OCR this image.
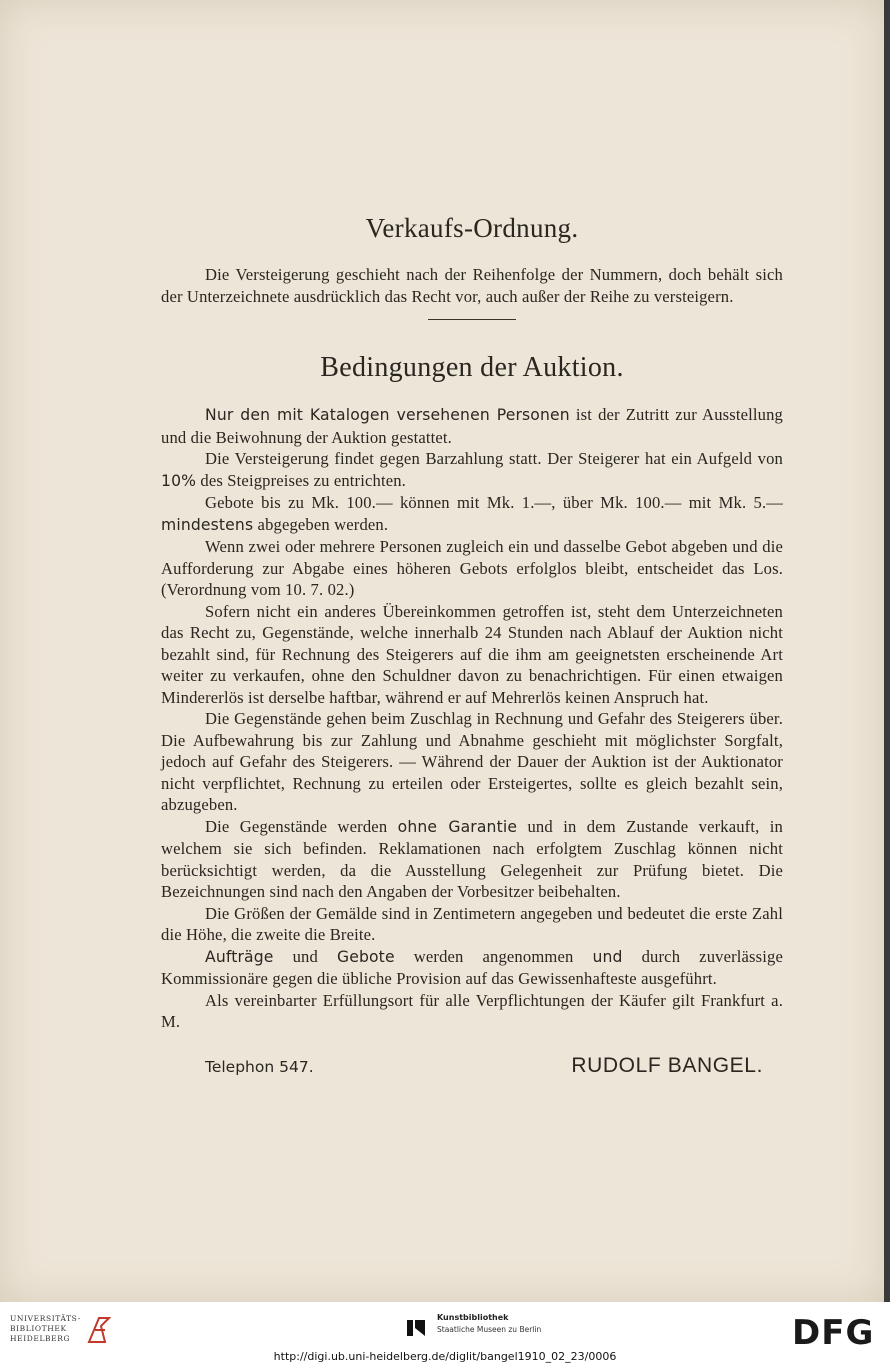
Verkaufs-Ordnung.

Die Versteigerung geschieht nach der Reihenfolge der Nummern, doch behält sich der Unterzeichnete ausdrücklich das Recht vor, auch außer der Reihe zu versteigern.

Bedingungen der Auktion.

Nur den mit Katalogen versehenen Personen ist der Zutritt zur Ausstellung und die Beiwohnung der Auktion gestattet.

Die Versteigerung findet gegen Barzahlung statt. Der Steigerer hat ein Aufgeld von 10% des Steigpreises zu entrichten.

Gebote bis zu Mk. 100.— können mit Mk. 1.—, über Mk. 100.— mit Mk. 5.— mindestens abgegeben werden.

Wenn zwei oder mehrere Personen zugleich ein und dasselbe Gebot abgeben und die Aufforderung zur Abgabe eines höheren Gebots erfolglos bleibt, entscheidet das Los. (Verordnung vom 10. 7. 02.)

Sofern nicht ein anderes Übereinkommen getroffen ist, steht dem Unterzeichneten das Recht zu, Gegenstände, welche innerhalb 24 Stunden nach Ablauf der Auktion nicht bezahlt sind, für Rechnung des Steigerers auf die ihm am geeignetsten erscheinende Art weiter zu verkaufen, ohne den Schuldner davon zu benachrichtigen. Für einen etwaigen Mindererlös ist derselbe haftbar, während er auf Mehrerlös keinen Anspruch hat.

Die Gegenstände gehen beim Zuschlag in Rechnung und Gefahr des Steigerers über. Die Aufbewahrung bis zur Zahlung und Abnahme geschieht mit möglichster Sorgfalt, jedoch auf Gefahr des Steigerers. — Während der Dauer der Auktion ist der Auktionator nicht verpflichtet, Rechnung zu erteilen oder Ersteigertes, sollte es gleich bezahlt sein, abzugeben.

Die Gegenstände werden ohne Garantie und in dem Zustande verkauft, in welchem sie sich befinden. Reklamationen nach erfolgtem Zuschlag können nicht berücksichtigt werden, da die Ausstellung Gelegenheit zur Prüfung bietet. Die Bezeichnungen sind nach den Angaben der Vorbesitzer beibehalten.

Die Größen der Gemälde sind in Zentimetern angegeben und bedeutet die erste Zahl die Höhe, die zweite die Breite.

Aufträge und Gebote werden angenommen und durch zuverlässige Kommissionäre gegen die übliche Provision auf das Gewissenhafteste ausgeführt.

Als vereinbarter Erfüllungsort für alle Verpflichtungen der Käufer gilt Frankfurt a. M.

Telephon 547.	RUDOLF BANGEL.
UNIVERSITÄTS-
BIBLIOTHEK
HEIDELBERG
Kunstbibliothek
Staatliche Museen zu Berlin	DFG
http://digi.ub.uni-heidelberg.de/diglit/bangel1910_02_23/0006
